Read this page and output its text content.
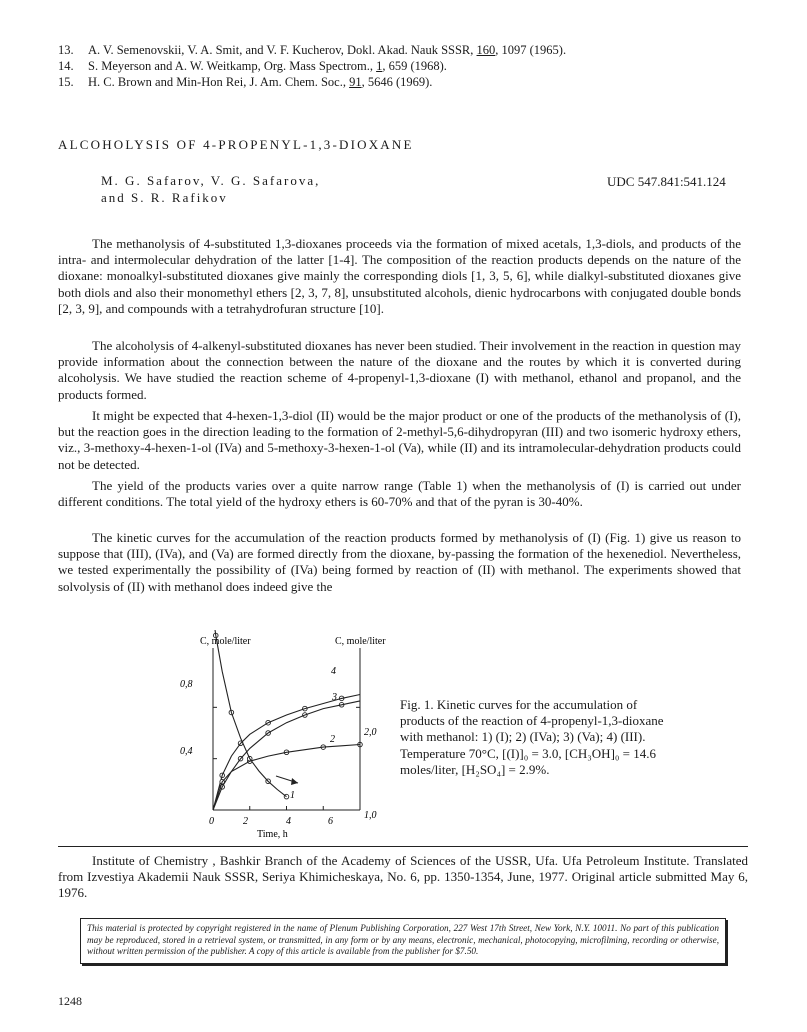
13.	A. V. Semenovskii, V. A. Smit, and V. F. Kucherov, Dokl. Akad. Nauk SSSR, 160, 1097 (1965).
14.	S. Meyerson and A. W. Weitkamp, Org. Mass Spectrom., 1, 659 (1968).
15.	H. C. Brown and Min-Hon Rei, J. Am. Chem. Soc., 91, 5646 (1969).
ALCOHOLYSIS OF 4-PROPENYL-1,3-DIOXANE
M. G. Safarov, V. G. Safarova,
and S. R. Rafikov
UDC 547.841:541.124

The methanolysis of 4-substituted 1,3-dioxanes proceeds via the formation of mixed acetals, 1,3-diols, and products of the intra- and intermolecular dehydration of the latter [1-4]. The composition of the reaction products depends on the nature of the dioxane: monoalkyl-substituted dioxanes give mainly the corresponding diols [1, 3, 5, 6], while dialkyl-substituted dioxanes give both diols and also their monomethyl ethers [2, 3, 7, 8], unsubstituted alcohols, dienic hydrocarbons with conjugated double bonds [2, 3, 9], and compounds with a tetrahydrofuran structure [10].

The alcoholysis of 4-alkenyl-substituted dioxanes has never been studied. Their involvement in the reaction in question may provide information about the connection between the nature of the dioxane and the routes by which it is converted during alcoholysis. We have studied the reaction scheme of 4-propenyl-1,3-dioxane (I) with methanol, ethanol and propanol, and the products formed.

It might be expected that 4-hexen-1,3-diol (II) would be the major product or one of the products of the methanolysis of (I), but the reaction goes in the direction leading to the formation of 2-methyl-5,6-dihydropyran (III) and two isomeric hydroxy ethers, viz., 3-methoxy-4-hexen-1-ol (IVa) and 5-methoxy-3-hexen-1-ol (Va), while (II) and its intramolecular-dehydration products could not be detected.

The yield of the products varies over a quite narrow range (Table 1) when the methanolysis of (I) is carried out under different conditions. The total yield of the hydroxy ethers is 60-70% and that of the pyran is 30-40%.

The kinetic curves for the accumulation of the reaction products formed by methanolysis of (I) (Fig. 1) give us reason to suppose that (III), (IVa), and (Va) are formed directly from the dioxane, by-passing the formation of the hexenediol. Nevertheless, we tested experimentally the possibility of (IVa) being formed by reaction of (II) with methanol. The experiments showed that solvolysis of (II) with methanol does indeed give the

C, mole/liter	C, mole/liter
0,8
0,4
2,0
1,0
0	2	4	6
Time, h
1
2
3
4
Fig. 1. Kinetic curves for the accumulation of products of the reaction of 4-propenyl-1,3-dioxane with methanol: 1) (I); 2) (IVa); 3) (Va); 4) (III). Temperature 70°C, [(I)]₀ = 3.0, [CH₃OH]₀ = 14.6 moles/liter, [H₂SO₄] = 2.9%.

Institute of Chemistry , Bashkir Branch of the Academy of Sciences of the USSR, Ufa. Ufa Petroleum Institute. Translated from Izvestiya Akademii Nauk SSSR, Seriya Khimicheskaya, No. 6, pp. 1350-1354, June, 1977. Original article submitted May 6, 1976.

This material is protected by copyright registered in the name of Plenum Publishing Corporation, 227 West 17th Street, New York, N.Y. 10011. No part of this publication may be reproduced, stored in a retrieval system, or transmitted, in any form or by any means, electronic, mechanical, photocopying, microfilming, recording or otherwise, without written permission of the publisher. A copy of this article is available from the publisher for $7.50.
1248
